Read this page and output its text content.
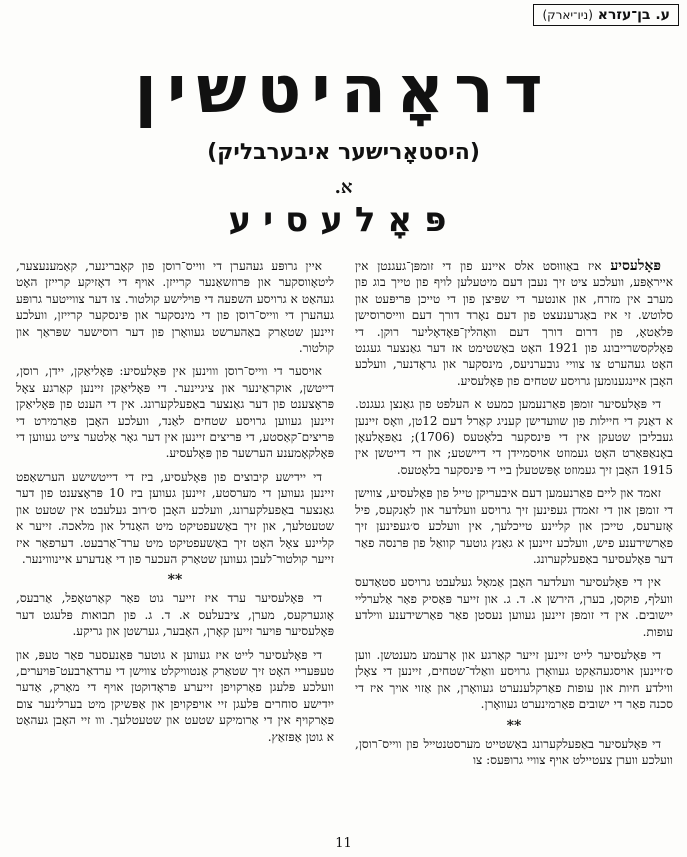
ע. בן־עזרא (ניו־יארק)
דראָהיטשין
(היסטאָרישער איבערבליק)
א.
פּאָלעסיע

פּאָלעסיע איז באַוווּסט אלס איינע פון די זומפּן־געגנטן אין אייראָפּע, וועלכע ציט זיך נעבן דעם מיטעלען לויף פון טייך בוג פון מערב אין מזרח, און אונטער די שפּיצן פון די טייכן פּריפּעט און סלוטש. זי איז באַגרענעצט פון דעם נאָרד דורך דעם ווייסרוסישן פּלאַטאָ, פון דרום דורך דעם וואָהלין־פּאָדאָליער רוקן. די פאָלקסשרייבונג פון 1921 האָט באַשטימט אז דער גאַנצער געגנט האָט געהערט צו צוויי גובערניעס, מינסקער און גראָדנער, וועלכע האָבן איינגענומען גרויסע שטחים פון פּאָלעסיע.

די פּאָלעסיער זומפּן פאַרנעמען כמעט א העלפט פון גאַנצן געגנט. א דאַנק די חיילות פון שוועדישן קעניג קאַרל דעם 12טן, וואָס זיינען געבליבן שטעקן אין די פּינסקער בלאָטעס (1706); נאַפּאָלעאָן באָנאַפּאַרט האָט געמוזט אויסמיידן די דיישטע; און די דייטשן אין 1915 האָבן זיך געמוזט אָפּשטעלן ביי די פּינסקער בלאָטעס.

זאמד און ליים פאַרנעמען דעם איבעריקן טייל פון פּאָלעסיע, צווישן די זומפּן און די זאמדן געפינען זיך גרויסע וועלדער און לאָנקעס, פיל אָזערעס, טייכן און קליינע טייכלעך, אין וועלכע ס׳געפינען זיך פאַרשידענע פיש, וועלכע זיינען א גאַנץ גוטער קוואַל פון פּרנסה פאַר דער פּאָלעסיער באַפעלקערונג.

אין די פּאָלעסיער וועלדער האָבן אַמאָל געלעבט גרויסע סטאַדעס וועלף, פוקסן, בערן, הירשן א. ד. ג. און זייער פּאַסיק פאַר אַלערליי יישובים. אין די זומפּן זיינען געווען נעסטן פאַר פאַרשידענע ווילדע עופות.

די פּאָלעסיער לייט זיינען זייער קאַרגע און אָרעמע מענטשן. ווען ס׳זיינען אויסגעהאַקט געוואָרן גרויסע וואַלד־שטחים, זיינען די צאָלן ווילדע חיות און עופות פאַרקלענערט געוואָרן, און אַזוי אויך איז די סכנה פאַר די ישובים פאַרמינערט געוואָרן.

**

די פּאָלעסיער באַפעלקערונג באַשטייט מערסטנטייל פון ווייס־רוסן, וועלכע ווערן צעטיילט אויף צוויי גרופּעס: צו

איין גרופּע געהערן די ווייס־רוסן פון קאָברינער, קאַמענעצער, ליטאָווסקער און פּרוזשאַנער קרייזן. אויף די דאָזיקע קרייזן האָט געהאַט א גרויסע השפעה די פּוילישע קולטור. צו דער צווייטער גרופּע געהערן די ווייס־רוסן פון די מינסקער און פּינסקער קרייזן, וועלכע זיינען שטאַרק באַהערשט געוואָרן פון דער רוסישער שפּראַך און קולטור.

אויסער די ווייס־רוסן וווינען אין פּאָלעסיע: פּאָליאַקן, יידן, רוסן, דייטשן, אוקראַינער און ציגיינער. די פּאָליאַקן זיינען קאַרגע צאָל פּראָצענט פון דער גאַנצער באַפעלקערונג. אין די הענט פון פּאָליאַקן זיינען געווען גרויסע שטחים לאַנד, וועלכע האָבן פאַרמירט די פּריצים־קאַסטע, די פּריצים זיינען אין דער גאָר אַלטער צייט געווען די פּאָלקאָמענע הערשער פון פּאָלעסיע.

די יידישע קיבוצים פון פּאָלעסיע, ביז די דייטשישע הערשאַפט זיינען געווען די מערסטע, זיינען געווען ביז 10 פּראָצענט פון דער גאַנצער באַפעלקערונג, וועלכע האָבן ס׳רוב געלעבט אין שטעט און שטעטלעך, און זיך באַשעפטיקט מיט האַנדל און מלאכה. זייער א קליינע צאָל האָט זיך באַשעפטיקט מיט ערד־אַרבעט. דערפאַר איז זייער קולטור־לעבן געווען שטאַרק העכער פון די אַנדערע איינוווינער.

**

די פּאָלעסיער ערד איז זייער גוט פאַר קאַרטאָפל, אַרבעס, אָוגערקעס, מערן, ציבעלעס א. ד. ג. פון תבואות פּלעגט דער פּאָלעסיער פּויער זייען קאָרן, האָבער, גערשטן און גריקע.

די פּאָלעסיער לייט איז געווען א גוטער פּאַנעסער פאַר טעפּ, און טעפּעריי האָט זיך שטאַרק אַנטוויקלט צווישן די ערדאַרבעט־פּויערים, וועלכע פּלעגן פאַרקויפן זייערע פּראָדוקטן אויף די מאַרק, אַדער ייִדישע סוחרים פּלעגן זיי אויפקויפן און אַפּשיקן מיט בערלינער צום פאַרקויף אין די אַרומיקע שטעט און שטעטלעך. ווו זיי האָבן געהאַט א גוטן אַפּזאַץ.

11
